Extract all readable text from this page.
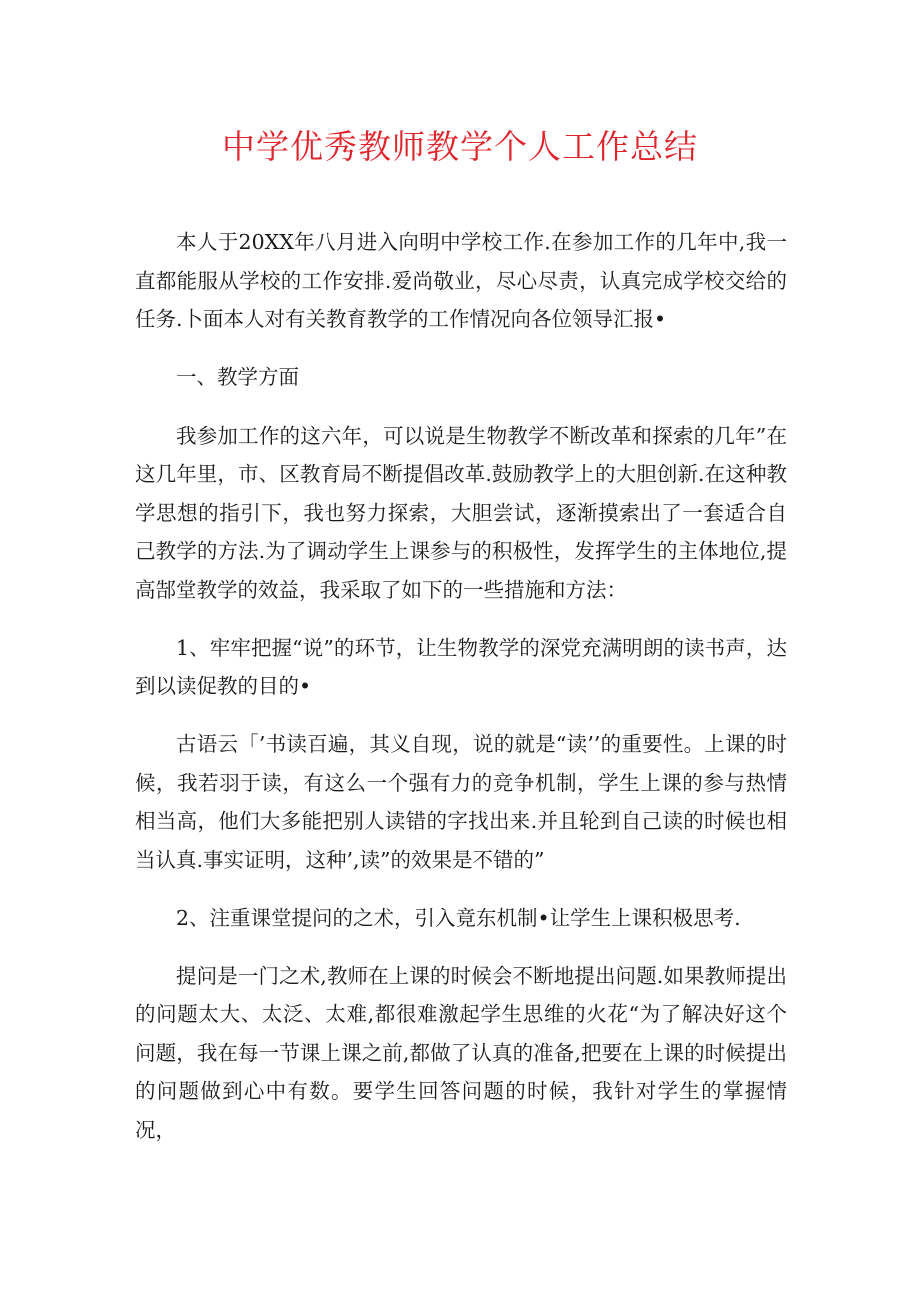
中学优秀教师教学个人工作总结

本人于20XX年八月进入向明中学校工作.在参加工作的几年中,我一直都能服从学校的工作安排.爱尚敬业，尽心尽责，认真完成学校交给的任务.卜面本人对有关教育教学的工作情况向各位领导汇报•

一、教学方面

我参加工作的这六年，可以说是生物教学不断改革和探索的几年”在这几年里，市、区教育局不断提倡改革.鼓励教学上的大胆创新.在这种教学思想的指引下，我也努力探索，大胆尝试，逐渐摸索出了一套适合自己教学的方法.为了调动学生上课参与的积极性，发挥学生的主体地位,提高郜堂教学的效益，我采取了如下的一些措施和方法：

1、牢牢把握“说”的环节，让生物教学的深党充满明朗的读书声，达到以读促教的目的•

古语云「’书读百遍，其义自现，说的就是“读’’的重要性。上课的时候，我若羽于读，有这么一个强有力的竞争机制，学生上课的参与热情相当高，他们大多能把别人读错的字找出来.并且轮到自己读的时候也相当认真.事实证明，这种’,读”的效果是不错的”

2、注重课堂提问的之术，引入竟东机制•让学生上课积极思考.

提问是一门之术,教师在上课的时候会不断地提出问题.如果教师提出的问题太大、太泛、太难,都很难激起学生思维的火花“为了解决好这个问题，我在每一节课上课之前,都做了认真的准备,把要在上课的时候提出的问题做到心中有数。要学生回答问题的时候，我针对学生的掌握情况，
